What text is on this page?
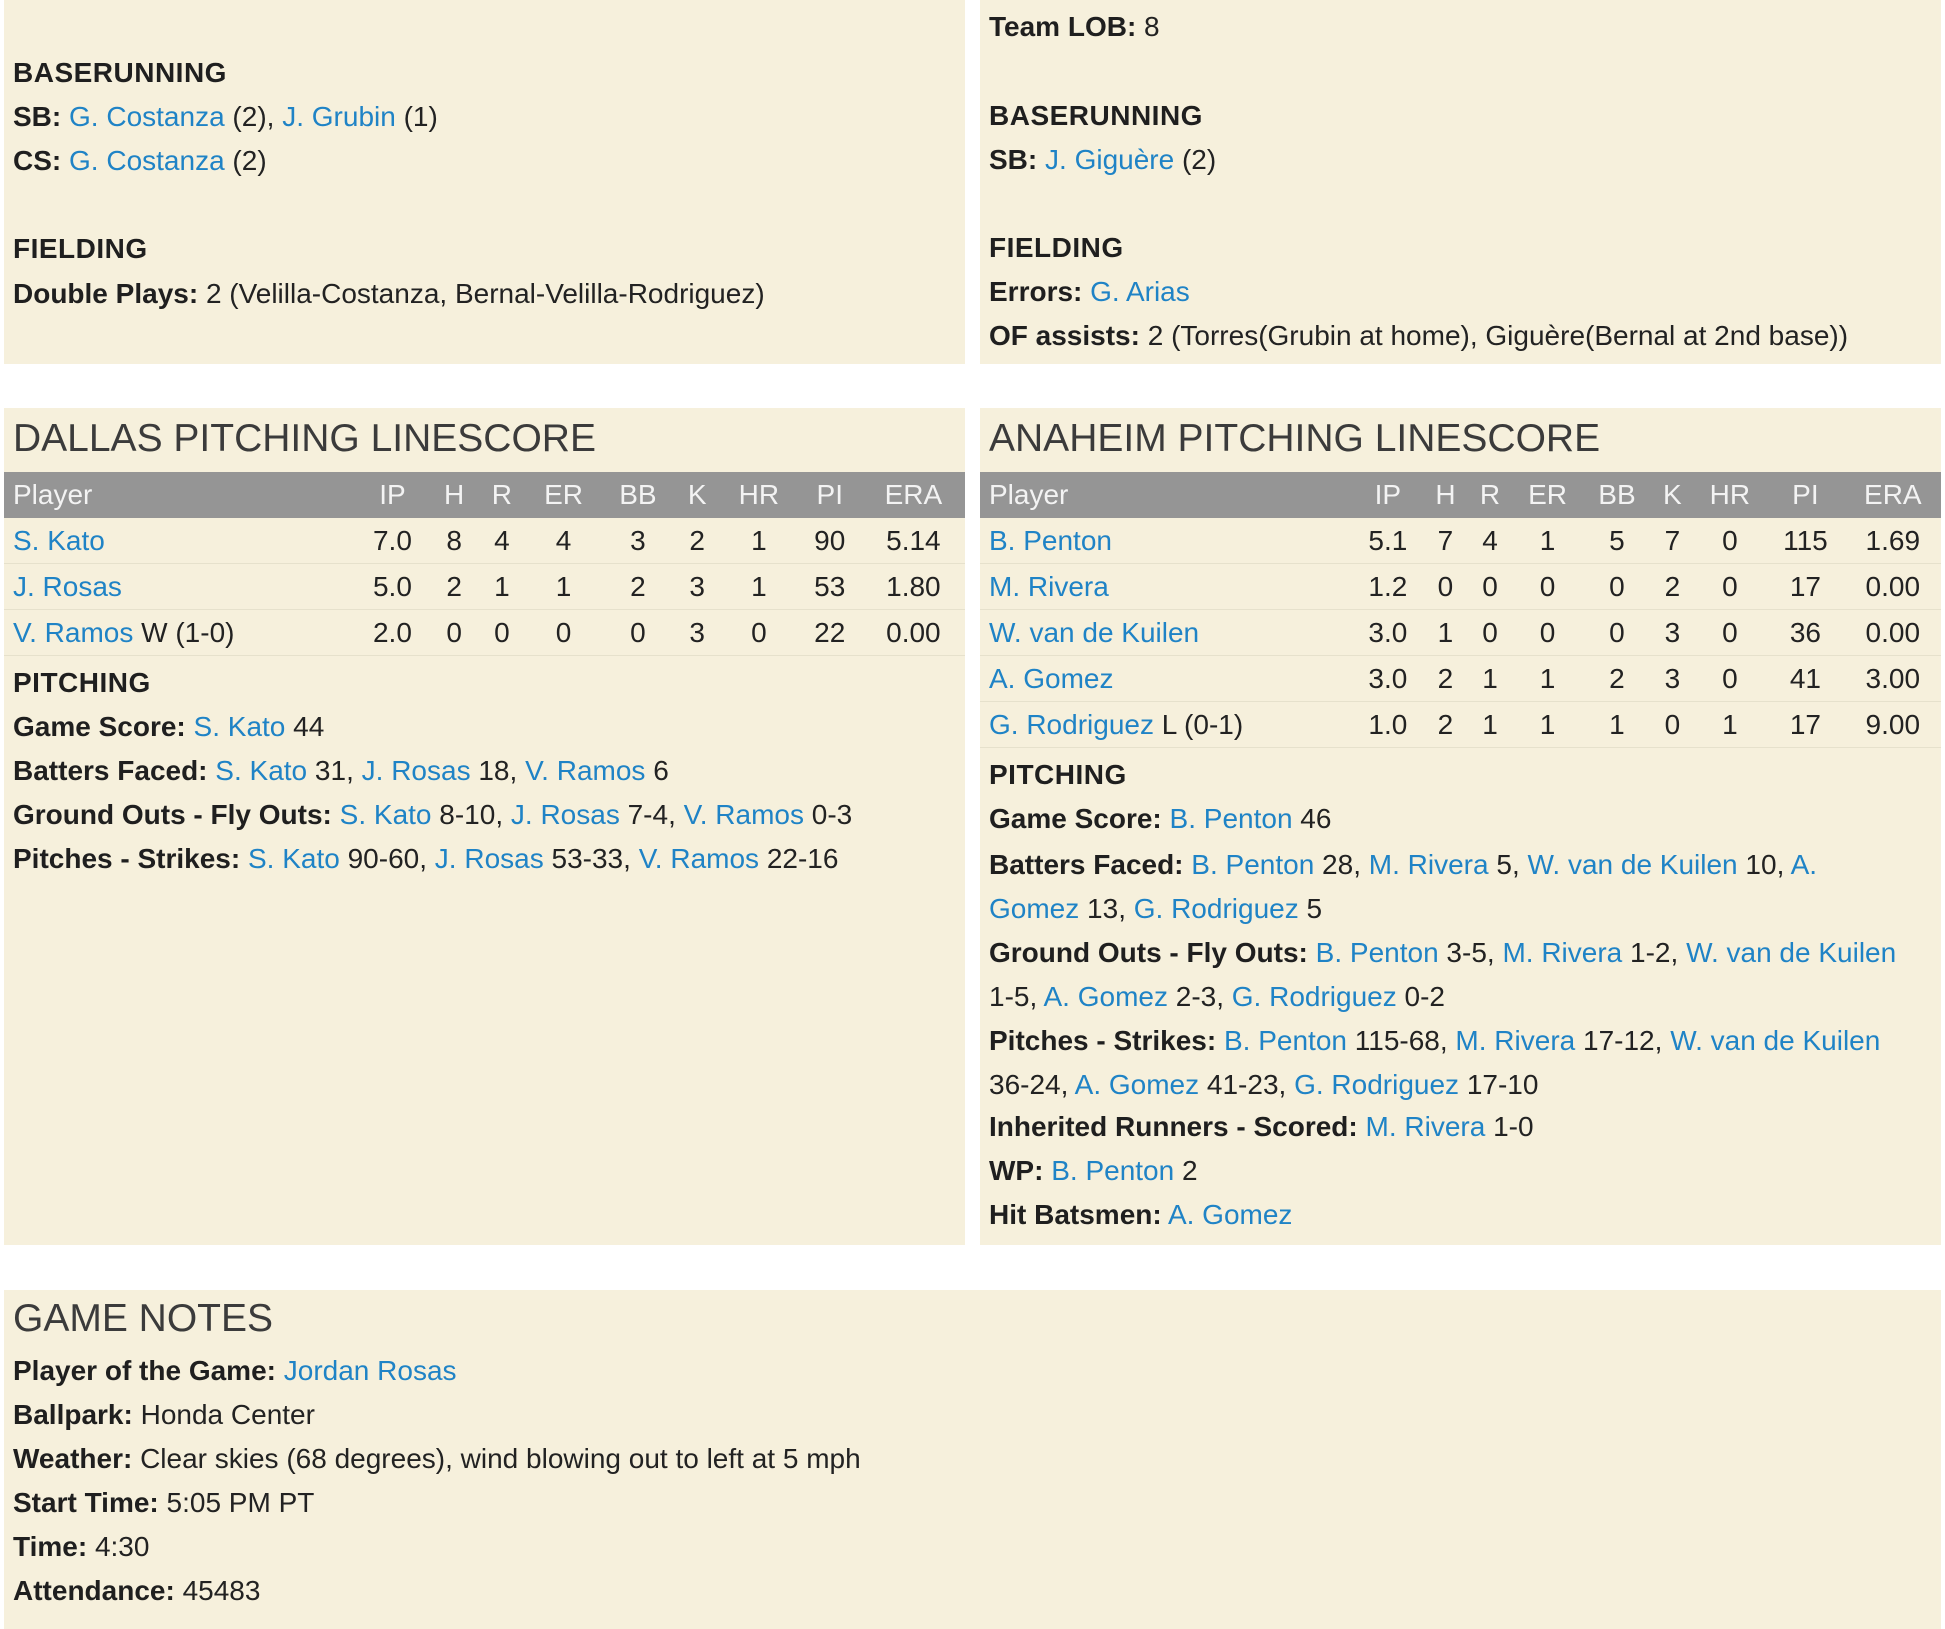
BASERUNNING
SB: G. Costanza (2), J. Grubin (1)
CS: G. Costanza (2)
FIELDING
Double Plays: 2 (Velilla-Costanza, Bernal-Velilla-Rodriguez)
Team LOB: 8
BASERUNNING
SB: J. Giguère (2)
FIELDING
Errors: G. Arias
OF assists: 2 (Torres(Grubin at home), Giguère(Bernal at 2nd base))
DALLAS PITCHING LINESCORE
Player	IP	H	R	ER	BB	K	HR	PI	ERA
S. Kato	7.0	8	4	4	3	2	1	90	5.14
J. Rosas	5.0	2	1	1	2	3	1	53	1.80
V. Ramos W (1-0)	2.0	0	0	0	0	3	0	22	0.00
PITCHING
Game Score: S. Kato 44
Batters Faced: S. Kato 31, J. Rosas 18, V. Ramos 6
Ground Outs - Fly Outs: S. Kato 8-10, J. Rosas 7-4, V. Ramos 0-3
Pitches - Strikes: S. Kato 90-60, J. Rosas 53-33, V. Ramos 22-16
ANAHEIM PITCHING LINESCORE
Player	IP	H	R	ER	BB	K	HR	PI	ERA
B. Penton	5.1	7	4	1	5	7	0	115	1.69
M. Rivera	1.2	0	0	0	0	2	0	17	0.00
W. van de Kuilen	3.0	1	0	0	0	3	0	36	0.00
A. Gomez	3.0	2	1	1	2	3	0	41	3.00
G. Rodriguez L (0-1)	1.0	2	1	1	1	0	1	17	9.00
PITCHING
Game Score: B. Penton 46
Batters Faced: B. Penton 28, M. Rivera 5, W. van de Kuilen 10, A. Gomez 13, G. Rodriguez 5
Ground Outs - Fly Outs: B. Penton 3-5, M. Rivera 1-2, W. van de Kuilen 1-5, A. Gomez 2-3, G. Rodriguez 0-2
Pitches - Strikes: B. Penton 115-68, M. Rivera 17-12, W. van de Kuilen 36-24, A. Gomez 41-23, G. Rodriguez 17-10
Inherited Runners - Scored: M. Rivera 1-0
WP: B. Penton 2
Hit Batsmen: A. Gomez
GAME NOTES
Player of the Game: Jordan Rosas
Ballpark: Honda Center
Weather: Clear skies (68 degrees), wind blowing out to left at 5 mph
Start Time: 5:05 PM PT
Time: 4:30
Attendance: 45483
